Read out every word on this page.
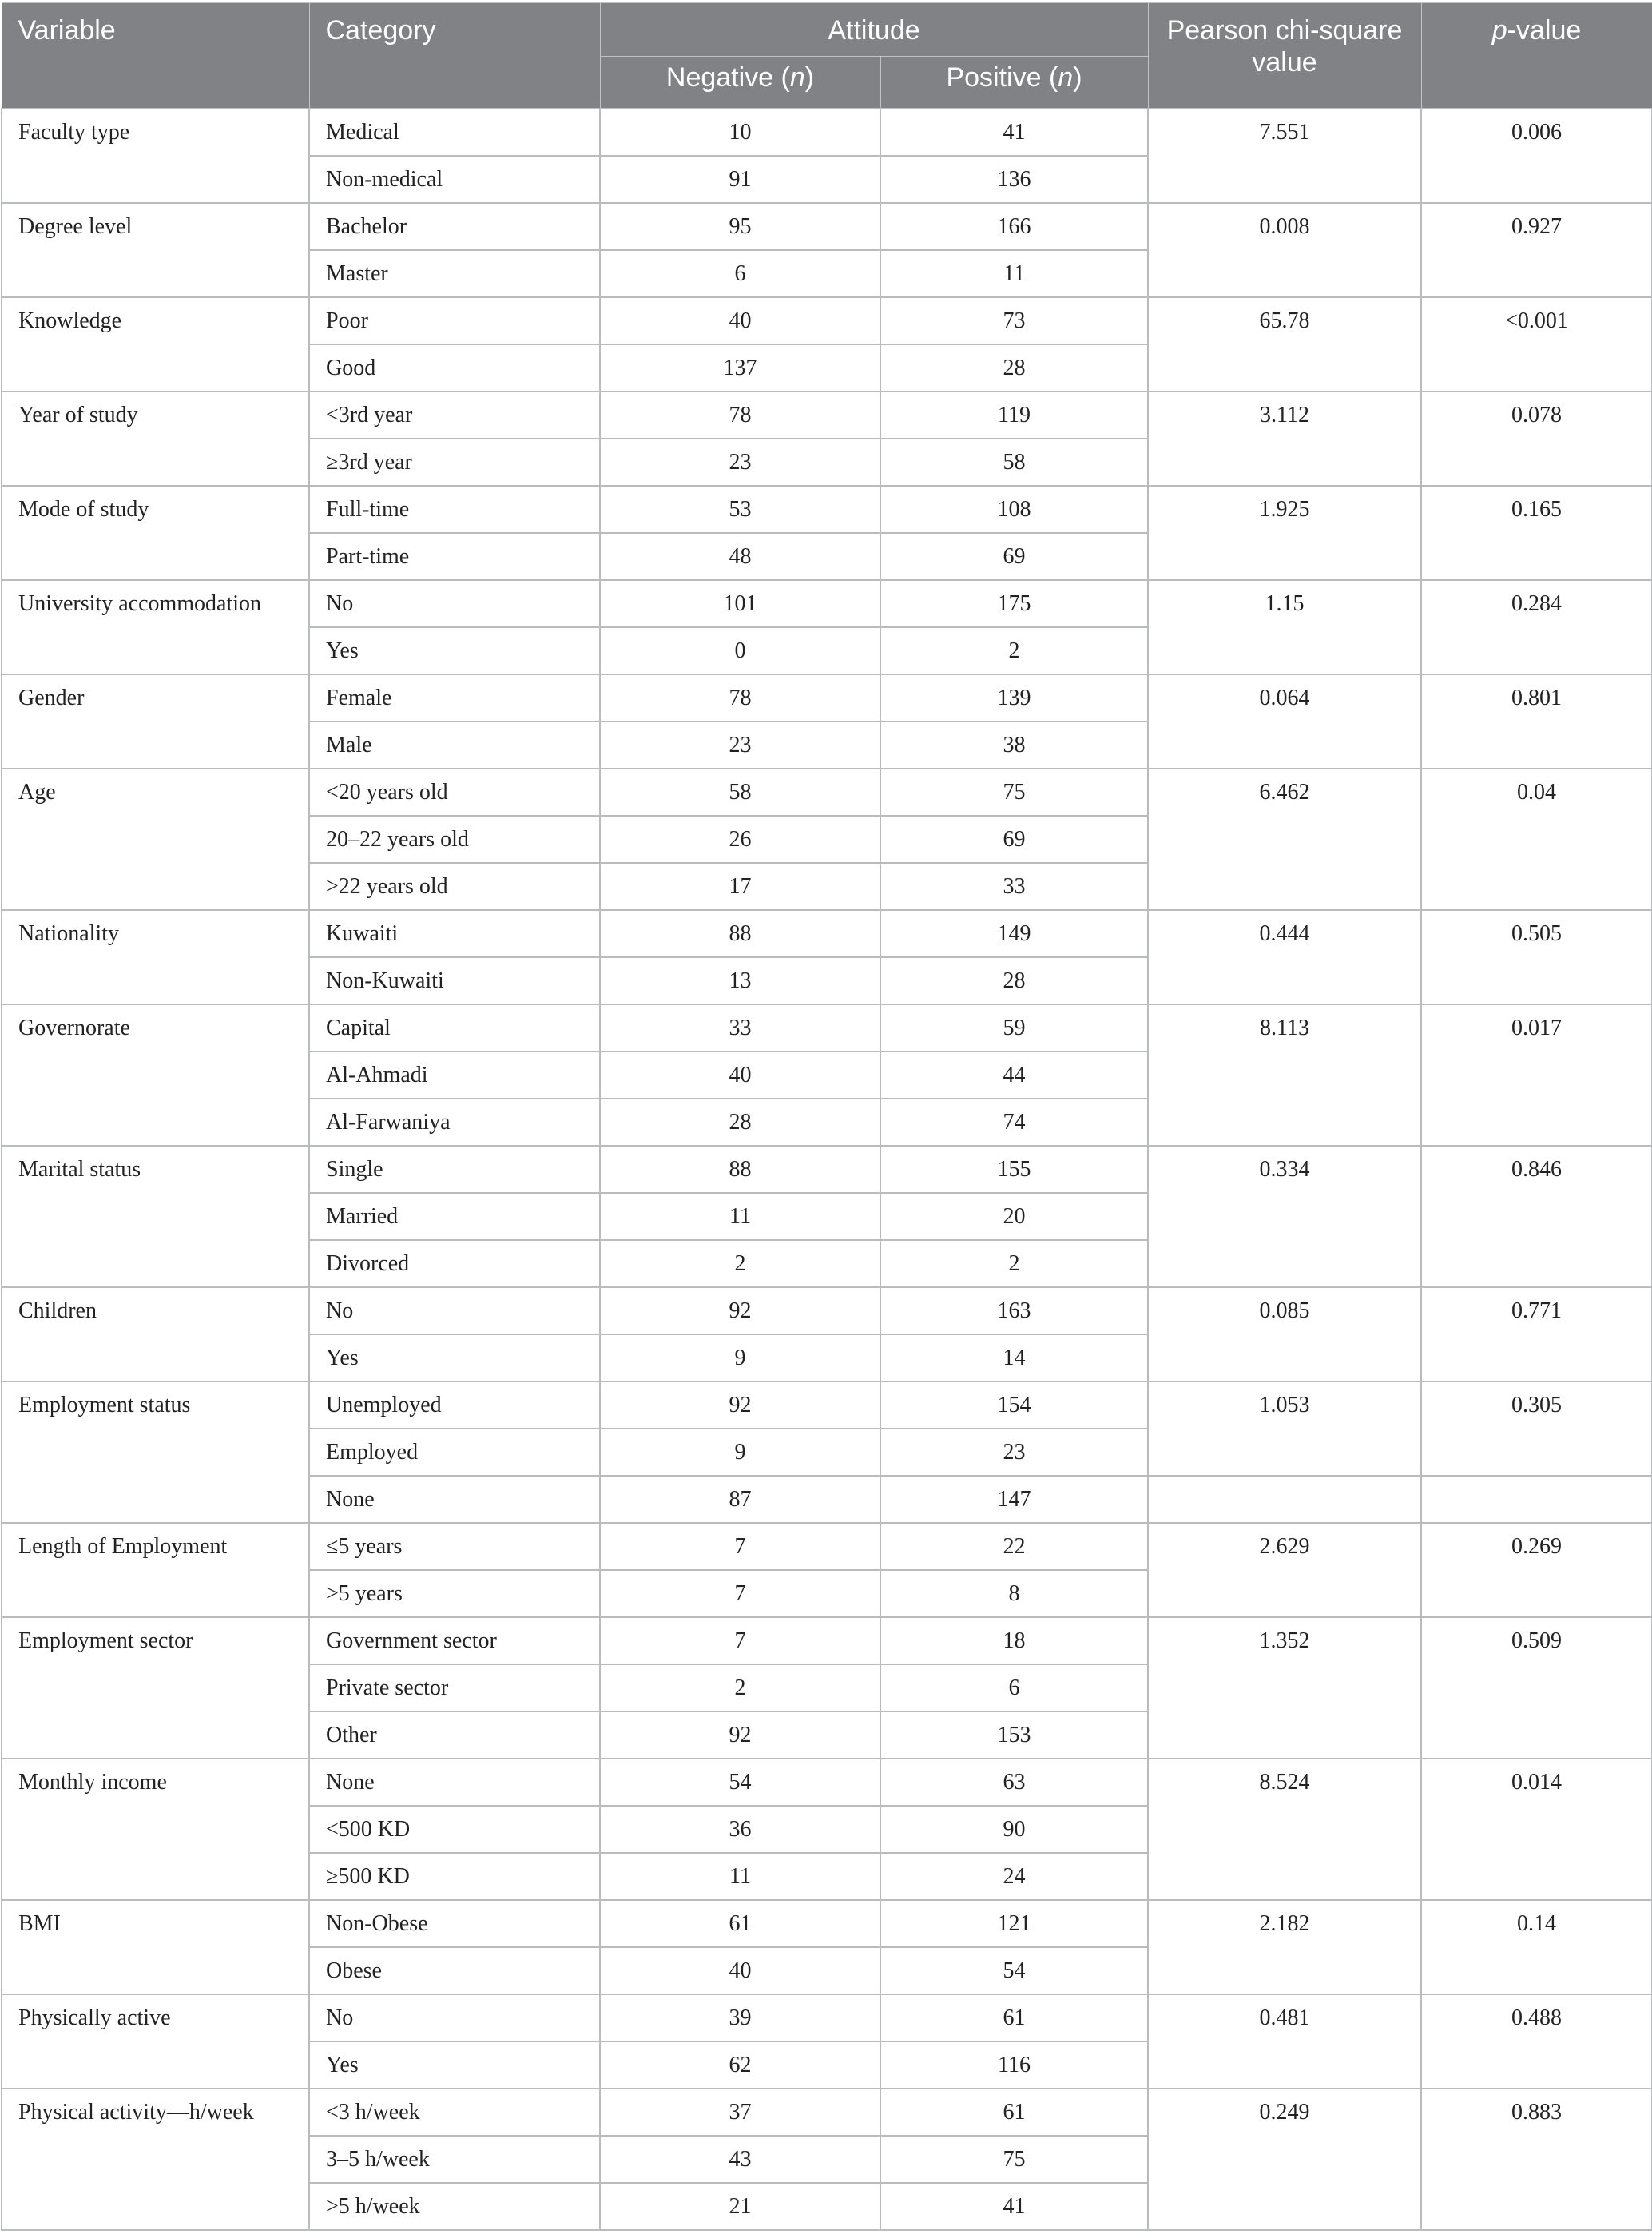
Variable	Category	Attitude		Pearson chi-square value	p-value
		Negative (n)	Positive (n)		
Faculty type	Medical	10	41	7.551	0.006
	Non-medical	91	136		
Degree level	Bachelor	95	166	0.008	0.927
	Master	6	11		
Knowledge	Poor	40	73	65.78	<0.001
	Good	137	28		
Year of study	<3rd year	78	119	3.112	0.078
	≥3rd year	23	58		
Mode of study	Full-time	53	108	1.925	0.165
	Part-time	48	69		
University accommodation	No	101	175	1.15	0.284
	Yes	0	2		
Gender	Female	78	139	0.064	0.801
	Male	23	38		
Age	<20 years old	58	75	6.462	0.04
	20–22 years old	26	69		
	>22 years old	17	33		
Nationality	Kuwaiti	88	149	0.444	0.505
	Non-Kuwaiti	13	28		
Governorate	Capital	33	59	8.113	0.017
	Al-Ahmadi	40	44		
	Al-Farwaniya	28	74		
Marital status	Single	88	155	0.334	0.846
	Married	11	20		
	Divorced	2	2		
Children	No	92	163	0.085	0.771
	Yes	9	14		
Employment status	Unemployed	92	154	1.053	0.305
	Employed	9	23		
	None	87	147		
Length of Employment	≤5 years	7	22	2.629	0.269
	>5 years	7	8		
Employment sector	Government sector	7	18	1.352	0.509
	Private sector	2	6		
	Other	92	153		
Monthly income	None	54	63	8.524	0.014
	<500 KD	36	90		
	≥500 KD	11	24		
BMI	Non-Obese	61	121	2.182	0.14
	Obese	40	54		
Physically active	No	39	61	0.481	0.488
	Yes	62	116		
Physical activity—h/week	<3 h/week	37	61	0.249	0.883
	3–5 h/week	43	75		
	>5 h/week	21	41		
